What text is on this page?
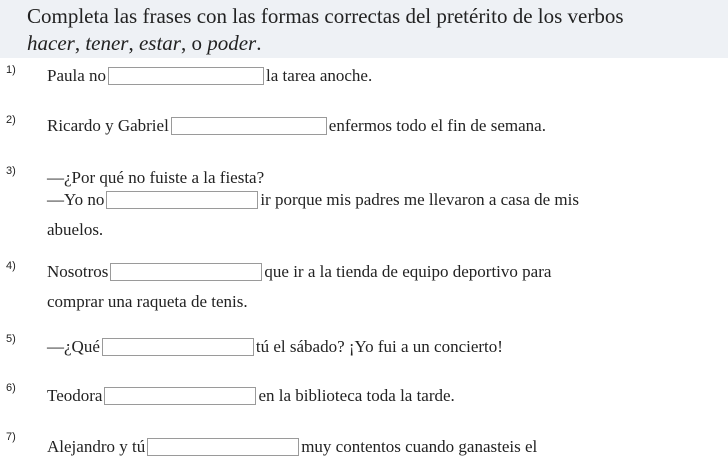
Completa las frases con las formas correctas del pretérito de los verbos
hacer, tener, estar, o poder.
1) Paula no	la tarea anoche.
2) Ricardo y Gabriel	enfermos todo el fin de semana.
3) —¿Por qué no fuiste a la fiesta?
—Yo no	ir porque mis padres me llevaron a casa de mis
abuelos.
4) Nosotros	que ir a la tienda de equipo deportivo para
comprar una raqueta de tenis.
5) —¿Qué	tú el sábado? ¡Yo fui a un concierto!
6) Teodora	en la biblioteca toda la tarde.
7) Alejandro y tú	muy contentos cuando ganasteis el
